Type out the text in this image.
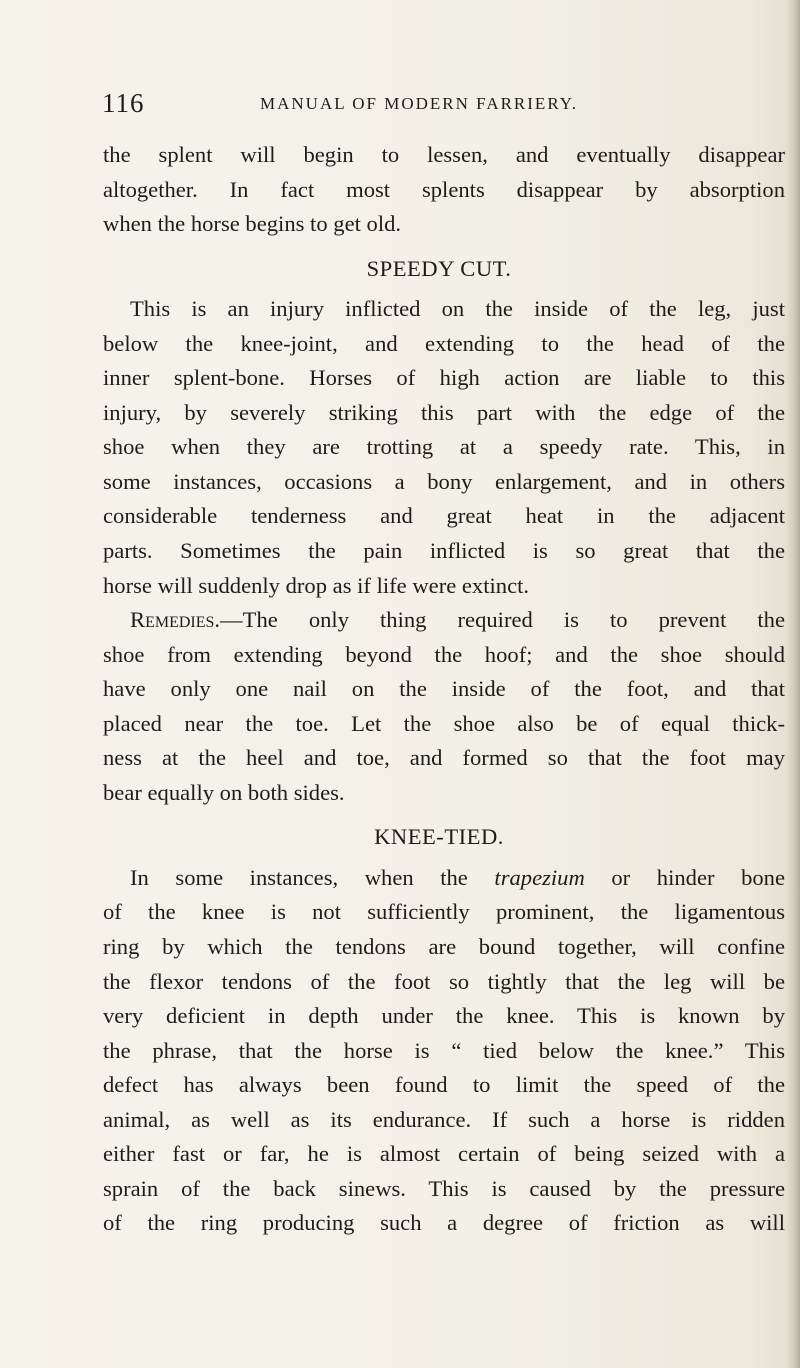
116	MANUAL OF MODERN FARRIERY.
the splent will begin to lessen, and eventually disappear
altogether. In fact most splents disappear by absorption
when the horse begins to get old.
SPEEDY CUT.
This is an injury inflicted on the inside of the leg, just
below the knee-joint, and extending to the head of the
inner splent-bone. Horses of high action are liable to this
injury, by severely striking this part with the edge of the
shoe when they are trotting at a speedy rate. This, in
some instances, occasions a bony enlargement, and in others
considerable tenderness and great heat in the adjacent
parts. Sometimes the pain inflicted is so great that the
horse will suddenly drop as if life were extinct.
Remedies.—The only thing required is to prevent the
shoe from extending beyond the hoof; and the shoe should
have only one nail on the inside of the foot, and that
placed near the toe. Let the shoe also be of equal thick-
ness at the heel and toe, and formed so that the foot may
bear equally on both sides.
KNEE-TIED.
In some instances, when the trapezium or hinder bone
of the knee is not sufficiently prominent, the ligamentous
ring by which the tendons are bound together, will confine
the flexor tendons of the foot so tightly that the leg will be
very deficient in depth under the knee. This is known by
the phrase, that the horse is “ tied below the knee.” This
defect has always been found to limit the speed of the
animal, as well as its endurance. If such a horse is ridden
either fast or far, he is almost certain of being seized with a
sprain of the back sinews. This is caused by the pressure
of the ring producing such a degree of friction as will
